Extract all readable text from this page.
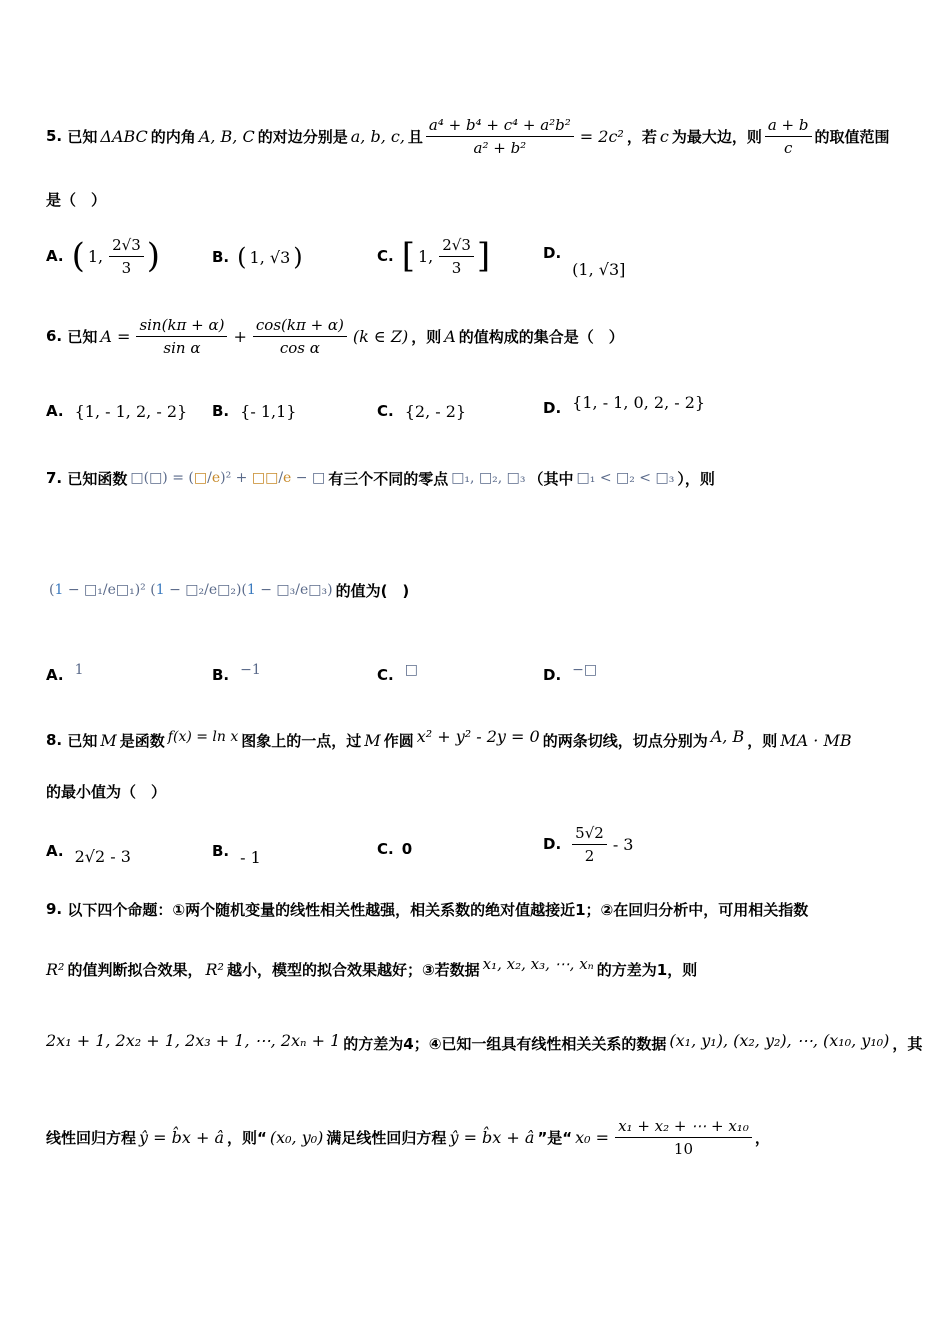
5.
已知 ΔABC 的内角 A, B, C 的对边分别是 a, b, c, 且 $\frac{\text{a⁴ + b⁴ + c⁴ + a²b²}}{\text{a² + b²}} = 2c^2$ ，若 c 为最大边，则 $\frac{a + b}{c}$ 的取值范围
是（　）
A. ( 1, $\frac{2√3}{3}$ )	B. ( 1, √3 )	C. [ 1, $\frac{2√3}{3}$ ]	D.
(1, √3]
6.
已知 $A = \frac{\sin(k\pi + \alpha)}{\text{sin α}} + \frac{\cos(k\pi + \alpha)}{\text{cos α}} (k$ ∈ Z) ，则 A 的值构成的集合是（　）
A. {1, - 1, 2, - 2} B. {- 1,1}	C. {2, - 2}	D. {1, - 1, 0, 2, - 2}
7.
已知函数 □(□) = (□/e)² + □□/e − □ 有三个不同的零点 □₁, □₂, □₃ （其中 □₁ < □₂ < □₃ ），则
(1 − □₁/e□₁)² (1 − □₂/e□₂)(1 − □₃/e□₃) 的值为(　)
A. 1	B. −1	C. □	D. −□
8.
已知 M 是函数 f(x) = ln x 图象上的一点，过 M 作圆 x² + y² - 2y = 0 的两条切线，切点分别为 A, B ，则 MA · MB
的最小值为（　）
A. 2√2 - 3	B. - 1	C. 0	D. $\frac{5√2}{2} - 3$
9.
以下四个命题：①两个随机变量的线性相关性越强，相关系数的绝对值越接近1；②在回归分析中，可用相关指数
R² 的值判断拟合效果， R² 越小，模型的拟合效果越好；③若数据 x₁, x₂, x₃, ⋯, xₙ 的方差为1，则
2x₁ + 1, 2x₂ + 1, 2x₃ + 1, ⋯, 2xₙ + 1 的方差为4；④已知一组具有线性相关关系的数据 (x₁, y₁), (x₂, y₂), ⋯, (x₁₀, y₁₀) ，其
线性回归方程 ŷ = b̂x + â ，则“ (x₀, y₀) 满足线性回归方程 ŷ = b̂x + â ”是“ $x_0 = \frac{\text{x₁ + x₂ + ⋯ + x₁₀}}{10}$ ，
